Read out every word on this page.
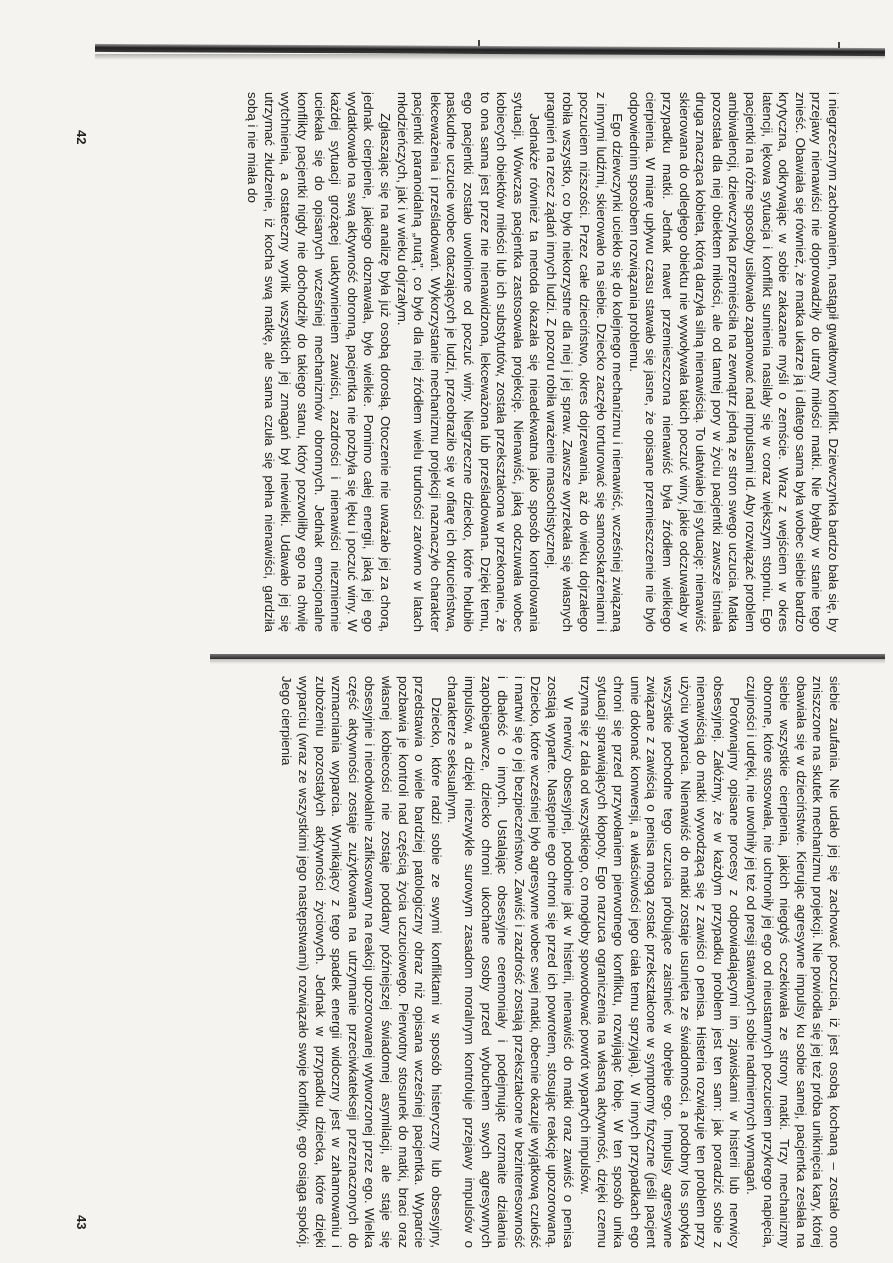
42
43

i niegrzecznym zachowaniem, nastąpił gwałtowny konflikt. Dziewczynka bardzo bała się, by przejawy nienawiści nie doprowadziły do utraty miłości matki. Nie byłaby w stanie tego znieść. Obawiała się również, że matka ukarze ją i dlatego sama była wobec siebie bardzo krytyczna, odkrywając w sobie zakazane myśli o zemście. Wraz z wejściem w okres latencji, lękowa sytuacja i konflikt sumienia nasilały się w coraz większym stopniu. Ego pacjentki na różne sposoby usiłowało zapanować nad impulsami id. Aby rozwiązać problem ambiwalencji, dziewczynka przemieściła na zewnątrz jedną ze stron swego uczucia. Matka pozostała dla niej obiektem miłości, ale od tamtej pory w życiu pacjentki zawsze istniała druga znacząca kobieta, którą darzyła silną nienawiścią. To ułatwiało jej sytuację: nienawiść skierowana do odległego obiektu nie wywoływała takich poczuć winy, jakie odczuwałaby w przypadku matki. Jednak nawet przemieszczona nienawiść była źródłem wielkiego cierpienia. W miarę upływu czasu stawało się jasne, że opisane przemieszczenie nie było odpowiednim sposobem rozwiązania problemu.

Ego dziewczynki uciekło się do kolejnego mechanizmu i nienawiść, wcześniej związaną z innymi ludźmi, skierowało na siebie. Dziecko zaczęło torturować się samooskarżeniami i poczuciem niższości. Przez całe dzieciństwo, okres dojrzewania, aż do wieku dojrzałego robiła wszystko, co było niekorzystne dla niej i jej spraw. Zawsze wyrzekała się własnych pragnień na rzecz żądań innych ludzi. Z pozoru robiła wrażenie masochistycznej.

Jednakże również ta metoda okazała się nieadekwatna jako sposób kontrolowania sytuacji. Wówczas pacjentka zastosowała projekcję. Nienawiść, jaką odczuwała wobec kobiecych obiektów miłości lub ich substytutów, została przekształcona w przekonanie, że to ona sama jest przez nie nienawidzona, lekceważona lub prześladowana. Dzięki temu, ego pacjentki zostało uwolnione od poczuć winy. Niegrzeczne dziecko, które hołubiło paskudne uczucie wobec otaczających je ludzi, przeobraziło się w ofiarę ich okrucieństwa, lekceważenia i prześladowań. Wykorzystanie mechanizmu projekcji naznaczyło charakter pacjentki paranoidalną „nutą”, co było dla niej źródłem wielu trudności zarówno w latach młodzieńczych, jak i w wieku dojrzałym.

Zgłaszając się na analizę była już osobą dorosłą. Otoczenie nie uważało jej za chorą, jednak cierpienie, jakiego doznawała, było wielkie. Pomimo całej energii, jaką jej ego wydatkowało na swą aktywność obronną, pacjentka nie pozbyła się lęku i poczuć winy. W każdej sytuacji grożącej uaktywnieniem zawiści, zazdrości i nienawiści niezmiennie uciekała się do opisanych wcześniej mechanizmów obronnych. Jednak emocjonalne konflikty pacjentki nigdy nie dochodziły do takiego stanu, który pozwoliłby ego na chwilę wytchnienia, a ostateczny wynik wszystkich jej zmagań był niewielki. Udawało jej się utrzymać złudzenie, iż kocha swą matkę, ale sama czuła się pełna nienawiści, gardziła sobą i nie miała do

siebie zaufania. Nie udało jej się zachować poczucia, iż jest osobą kochaną – zostało ono zniszczone na skutek mechanizmu projekcji. Nie powiodła się jej też próba uniknięcia kary, której obawiała się w dzieciństwie. Kierując agresywne impulsy ku sobie samej, pacjentka zesłała na siebie wszystkie cierpienia, jakich niegdyś oczekiwała ze strony matki. Trzy mechanizmy obronne, które stosowała, nie uchroniły jej ego od nieustannych poczuciem przykrego napięcia, czujności i udręki, nie uwolniły jej też od presji stawianych sobie nadmiernych wymagań.

Porównajmy opisane procesy z odpowiadającymi im zjawiskami w histerii lub nerwicy obsesyjnej. Załóżmy, że w każdym przypadku problem jest ten sam: jak poradzić sobie z nienawiścią do matki wywodzącą się z zawiści o penisa. Histeria rozwiązuje ten problem przy użyciu wyparcia. Nienawiść do matki zostaje usunięta ze świadomości, a podobny los spotyka wszystkie pochodne tego uczucia próbujące zaistnieć w obrębie ego. Impulsy agresywne związane z zawiścią o penisa mogą zostać przekształcone w symptomy fizyczne (jeśli pacjent umie dokonać konwersji, a właściwości jego ciała temu sprzyjają). W innych przypadkach ego chroni się przed przywołaniem pierwotnego konfliktu, rozwijając fobię. W ten sposób unika sytuacji sprawiających kłopoty. Ego narzuca ograniczenia na własną aktywność, dzięki czemu trzyma się z dala od wszystkiego, co mogłoby spowodować powrót wypartych impulsów.

W nerwicy obsesyjnej, podobnie jak w histerii, nienawiść do matki oraz zawiść o penisa zostają wyparte. Następnie ego chroni się przed ich powrotem, stosując reakcję upozorowaną. Dziecko, które wcześniej było agresywne wobec swej matki, obecnie okazuje wyjątkową czułość i martwi się o jej bezpieczeństwo. Zawiść i zazdrość zostają przekształcone w bezinteresowność i dbałość o innych. Ustalając obsesyjne ceremoniały i podejmując rozmaite działania zapobiegawcze, dziecko chroni ukochane osoby przed wybuchem swych agresywnych impulsów, a dzięki niezwykle surowym zasadom moralnym kontroluje przejawy impulsów o charakterze seksualnym.

Dziecko, które radzi sobie ze swymi konfliktami w sposób histeryczny lub obsesyjny, przedstawia o wiele bardziej patologiczny obraz niż opisana wcześniej pacjentka. Wyparcie pozbawia je kontroli nad częścią życia uczuciowego. Pierwotny stosunek do matki, braci oraz własnej kobiecości nie zostaje poddany późniejszej świadomej asymilacji, ale staje się obsesyjnie i nieodwołalnie zafiksowany na reakcji upozorowanej wytworzonej przez ego. Wielka część aktywności zostaje zużytkowana na utrzymanie przeciwkatekseji przeznaczonych do wzmacniania wyparcia. Wynikający z tego spadek energii widoczny jest w zahamowaniu i zubożeniu pozostałych aktywności życiowych. Jednak w przypadku dziecka, które dzięki wyparciu (wraz ze wszystkimi jego następstwami) rozwiązało swoje konflikty, ego osiąga spokój. Jego cierpienia
